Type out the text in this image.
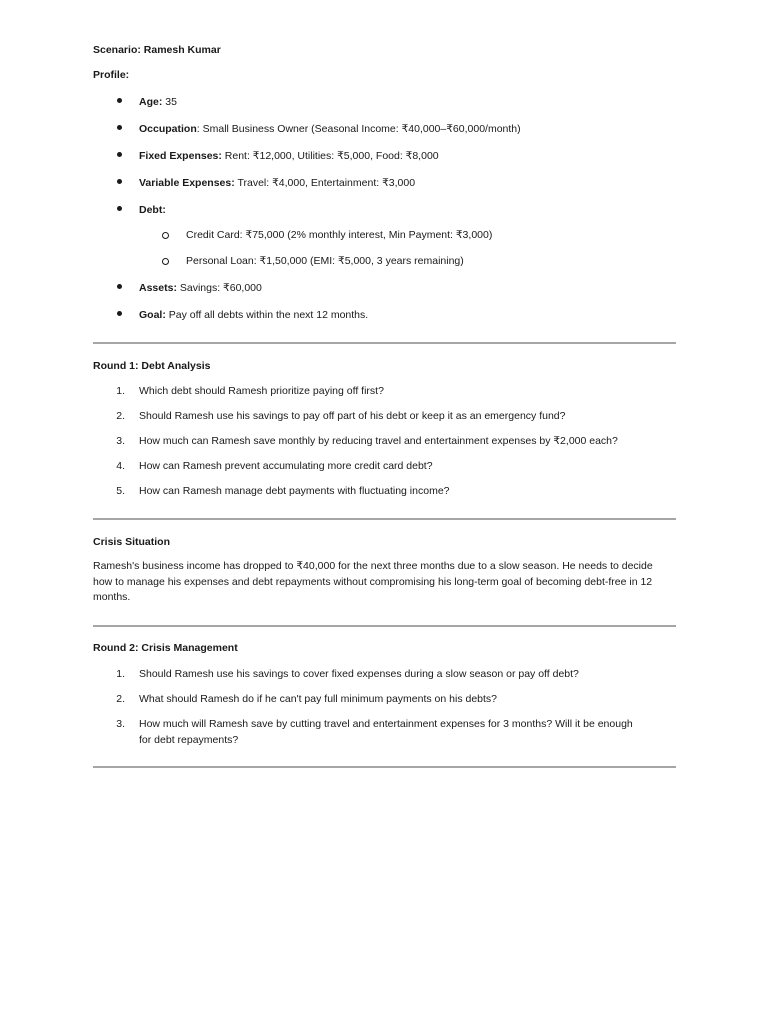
Scenario: Ramesh Kumar
Profile:
Age: 35
Occupation: Small Business Owner (Seasonal Income: ₹40,000–₹60,000/month)
Fixed Expenses: Rent: ₹12,000, Utilities: ₹5,000, Food: ₹8,000
Variable Expenses: Travel: ₹4,000, Entertainment: ₹3,000
Debt:
Credit Card: ₹75,000 (2% monthly interest, Min Payment: ₹3,000)
Personal Loan: ₹1,50,000 (EMI: ₹5,000, 3 years remaining)
Assets: Savings: ₹60,000
Goal: Pay off all debts within the next 12 months.
Round 1: Debt Analysis
1. Which debt should Ramesh prioritize paying off first?
2. Should Ramesh use his savings to pay off part of his debt or keep it as an emergency fund?
3. How much can Ramesh save monthly by reducing travel and entertainment expenses by ₹2,000 each?
4. How can Ramesh prevent accumulating more credit card debt?
5. How can Ramesh manage debt payments with fluctuating income?
Crisis Situation
Ramesh's business income has dropped to ₹40,000 for the next three months due to a slow season. He needs to decide how to manage his expenses and debt repayments without compromising his long-term goal of becoming debt-free in 12 months.
Round 2: Crisis Management
1. Should Ramesh use his savings to cover fixed expenses during a slow season or pay off debt?
2. What should Ramesh do if he can't pay full minimum payments on his debts?
3. How much will Ramesh save by cutting travel and entertainment expenses for 3 months? Will it be enough
for debt repayments?
